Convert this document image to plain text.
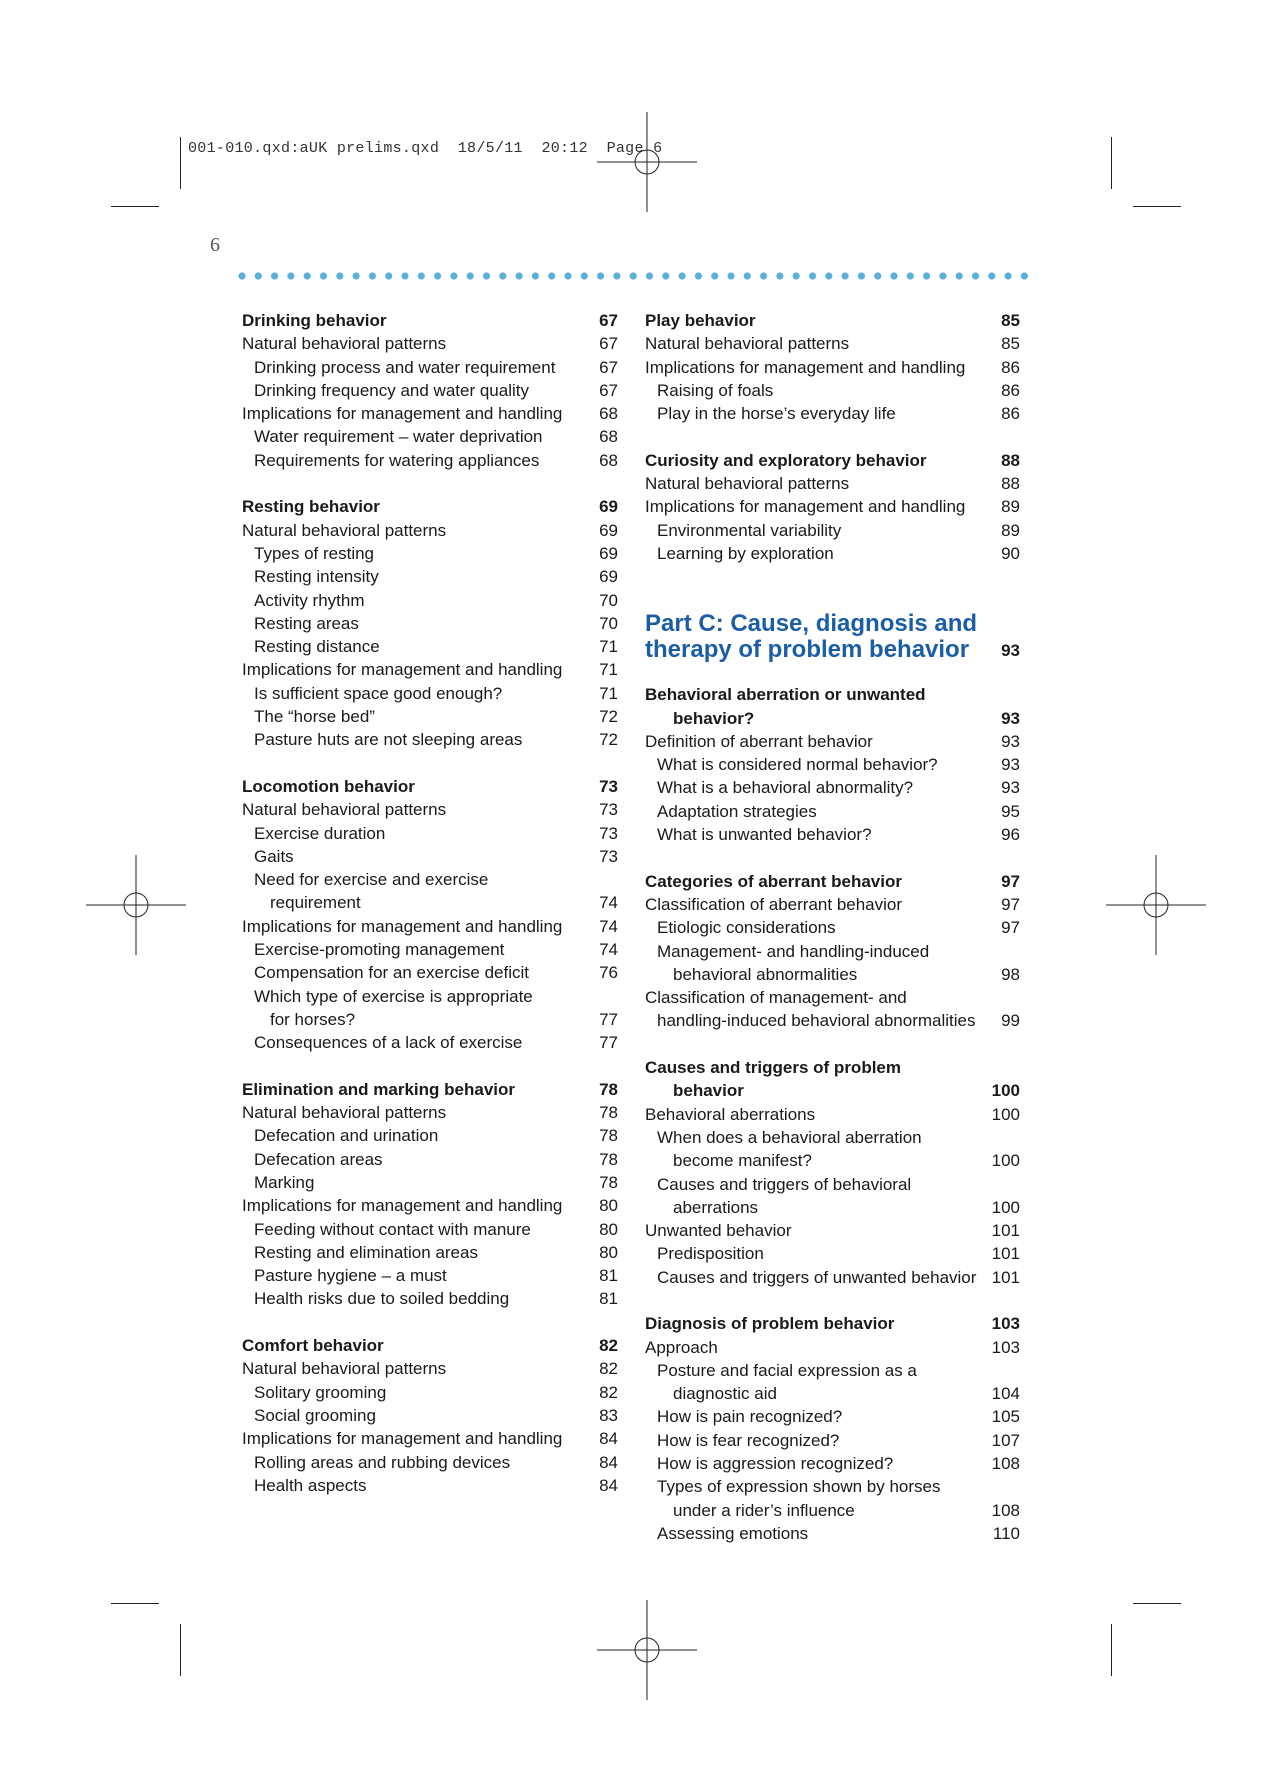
001-010.qxd:aUK prelims.qxd  18/5/11  20:12  Page 6
6
Drinking behavior	67
Natural behavioral patterns	67
Drinking process and water requirement	67
Drinking frequency and water quality	67
Implications for management and handling	68
Water requirement – water deprivation	68
Requirements for watering appliances	68
Resting behavior	69
Natural behavioral patterns	69
Types of resting	69
Resting intensity	69
Activity rhythm	70
Resting areas	70
Resting distance	71
Implications for management and handling	71
Is sufficient space good enough?	71
The “horse bed”	72
Pasture huts are not sleeping areas	72
Locomotion behavior	73
Natural behavioral patterns	73
Exercise duration	73
Gaits	73
Need for exercise and exercise
requirement	74
Implications for management and handling	74
Exercise-promoting management	74
Compensation for an exercise deficit	76
Which type of exercise is appropriate
for horses?	77
Consequences of a lack of exercise	77
Elimination and marking behavior	78
Natural behavioral patterns	78
Defecation and urination	78
Defecation areas	78
Marking	78
Implications for management and handling	80
Feeding without contact with manure	80
Resting and elimination areas	80
Pasture hygiene – a must	81
Health risks due to soiled bedding	81
Comfort behavior	82
Natural behavioral patterns	82
Solitary grooming	82
Social grooming	83
Implications for management and handling	84
Rolling areas and rubbing devices	84
Health aspects	84
Play behavior	85
Natural behavioral patterns	85
Implications for management and handling	86
Raising of foals	86
Play in the horse’s everyday life	86
Curiosity and exploratory behavior	88
Natural behavioral patterns	88
Implications for management and handling	89
Environmental variability	89
Learning by exploration	90
Part C: Cause, diagnosis and
therapy of problem behavior	93
Behavioral aberration or unwanted
behavior?	93
Definition of aberrant behavior	93
What is considered normal behavior?	93
What is a behavioral abnormality?	93
Adaptation strategies	95
What is unwanted behavior?	96
Categories of aberrant behavior	97
Classification of aberrant behavior	97
Etiologic considerations	97
Management- and handling-induced
behavioral abnormalities	98
Classification of management- and
handling-induced behavioral abnormalities	99
Causes and triggers of problem
behavior	100
Behavioral aberrations	100
When does a behavioral aberration
become manifest?	100
Causes and triggers of behavioral
aberrations	100
Unwanted behavior	101
Predisposition	101
Causes and triggers of unwanted behavior 101
Diagnosis of problem behavior	103
Approach	103
Posture and facial expression as a
diagnostic aid	104
How is pain recognized?	105
How is fear recognized?	107
How is aggression recognized?	108
Types of expression shown by horses
under a rider’s influence	108
Assessing emotions	110
